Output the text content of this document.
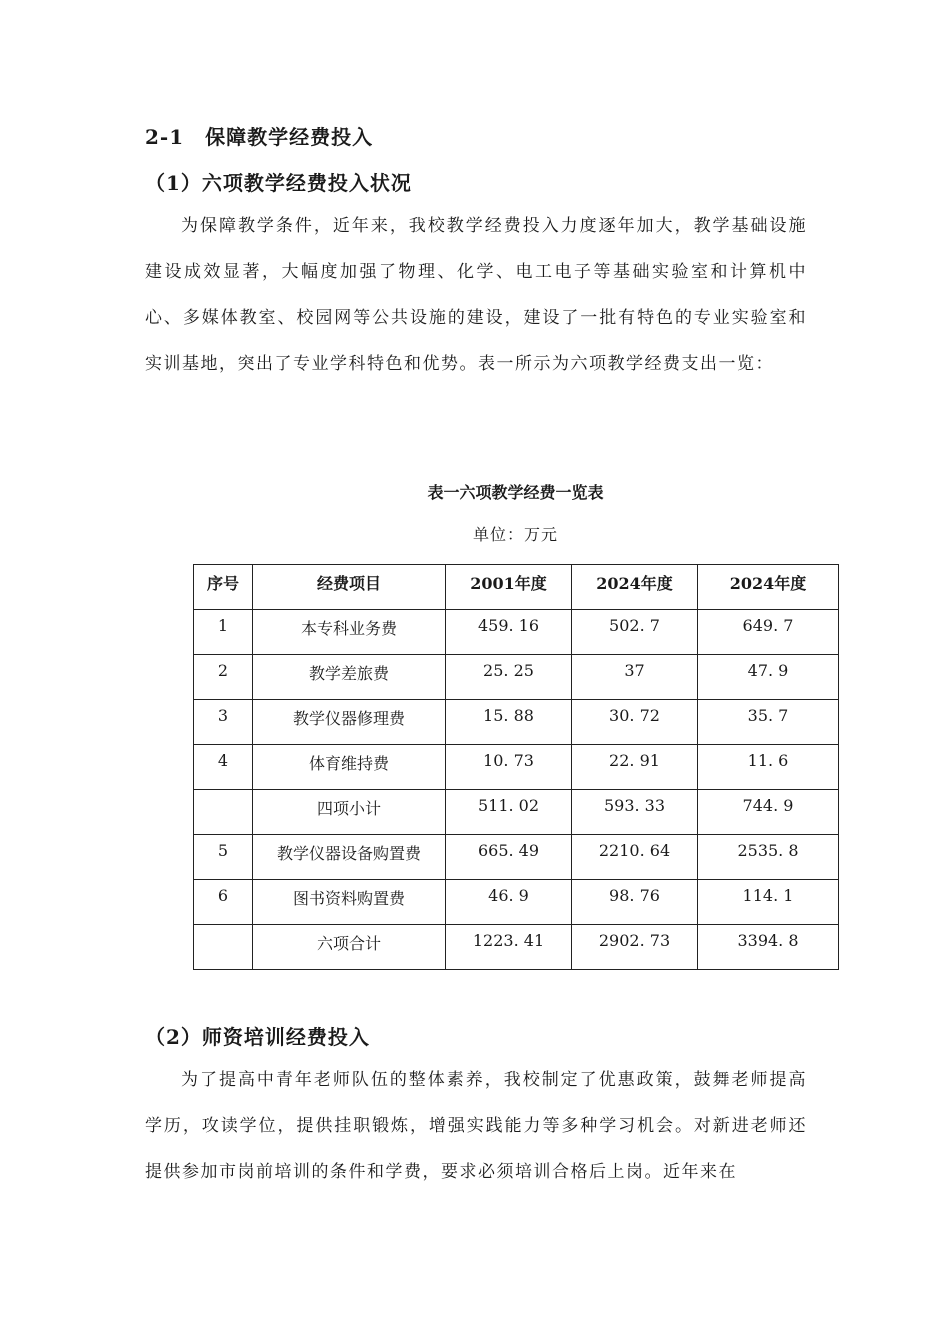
2-1　保障教学经费投入
（1）六项教学经费投入状况

为保障教学条件，近年来，我校教学经费投入力度逐年加大，教学基础设施建设成效显著，大幅度加强了物理、化学、电工电子等基础实验室和计算机中心、多媒体教室、校园网等公共设施的建设，建设了一批有特色的专业实验室和实训基地，突出了专业学科特色和优势。表一所示为六项教学经费支出一览：

表一六项教学经费一览表
单位：万元
序号	经费项目	2001年度	2024年度	2024年度
1	本专科业务费	459. 16	502. 7	649. 7
2	教学差旅费	25. 25	37	47. 9
3	教学仪器修理费	15. 88	30. 72	35. 7
4	体育维持费	10. 73	22. 91	11. 6
	四项小计	511. 02	593. 33	744. 9
5	教学仪器设备购置费	665. 49	2210. 64	2535. 8
6	图书资料购置费	46. 9	98. 76	114. 1
	六项合计	1223. 41	2902. 73	3394. 8
（2）师资培训经费投入

为了提高中青年老师队伍的整体素养，我校制定了优惠政策，鼓舞老师提高学历，攻读学位，提供挂职锻炼，增强实践能力等多种学习机会。对新进老师还提供参加市岗前培训的条件和学费，要求必须培训合格后上岗。近年来在
